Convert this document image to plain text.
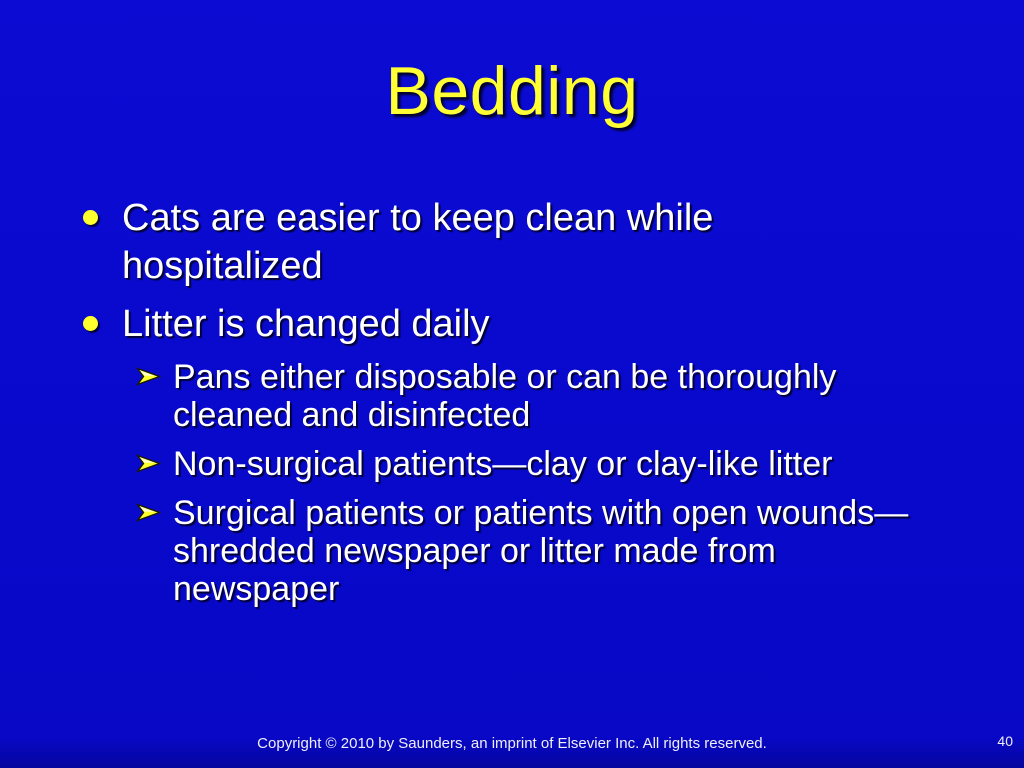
Bedding
Cats are easier to keep clean while
hospitalized
Litter is changed daily
Pans either disposable or can be thoroughly
cleaned and disinfected
Non-surgical patients—clay or clay-like litter
Surgical patients or patients with open wounds—
shredded newspaper or litter made from
newspaper
Copyright © 2010 by Saunders, an imprint of Elsevier Inc. All rights reserved.	40
